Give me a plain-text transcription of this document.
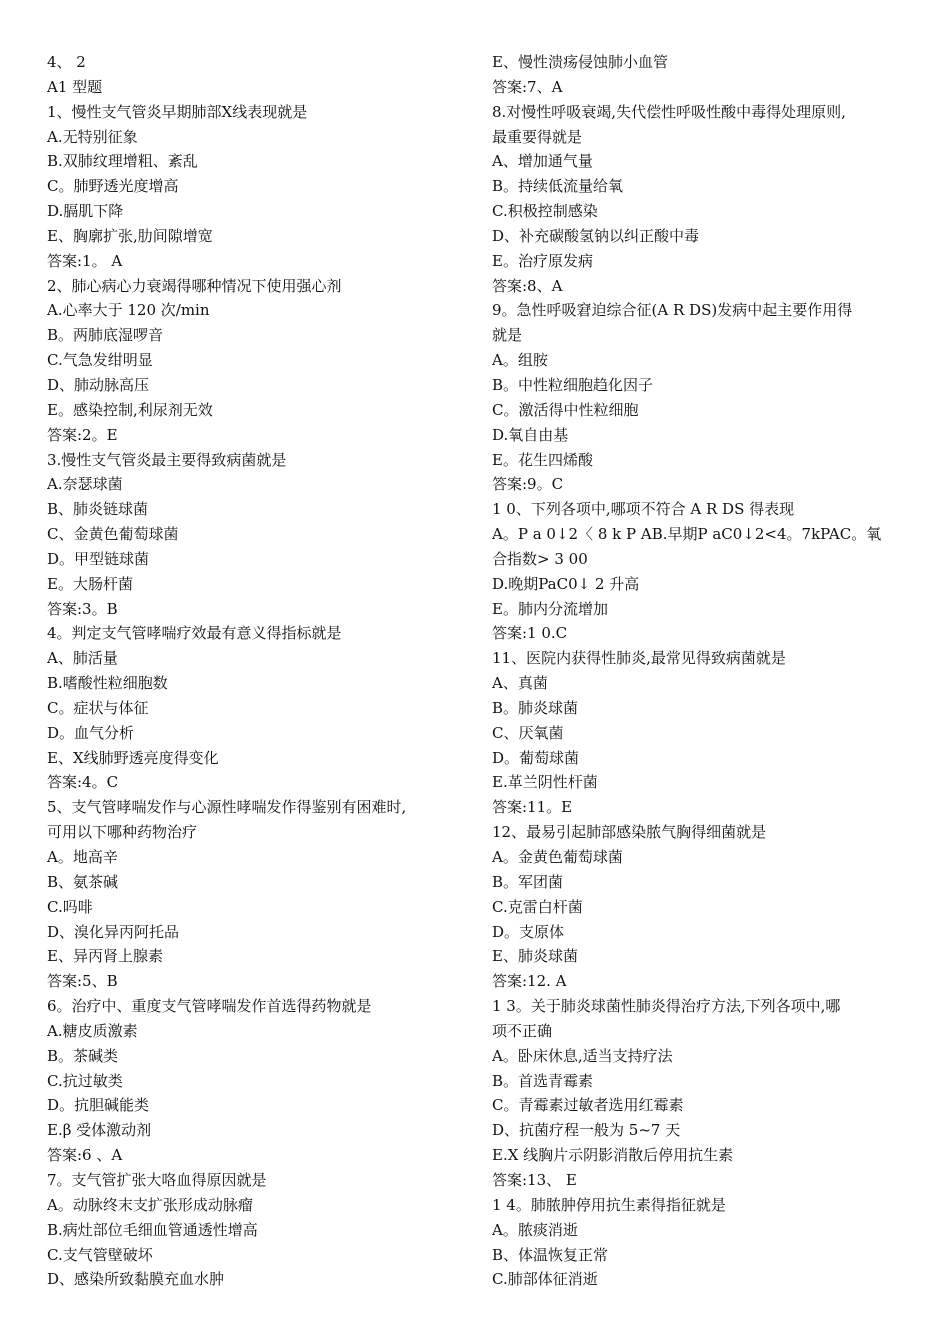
4、 2
A1 型题
1、慢性支气管炎早期肺部Ⅹ线表现就是
A.无特别征象
B.双肺纹理增粗、紊乱
C。肺野透光度增高
D.膈肌下降
E、胸廓扩张,肋间隙增宽
答案:1。 A
2、肺心病心力衰竭得哪种情况下使用强心剂
A.心率大于 120 次/min
B。两肺底湿啰音
C.气急发绀明显
D、肺动脉高压
E。感染控制,利尿剂无效
答案:2。E
3.慢性支气管炎最主要得致病菌就是
A.奈瑟球菌
B、肺炎链球菌
C、金黄色葡萄球菌
D。甲型链球菌
E。大肠杆菌
答案:3。B
4。判定支气管哮喘疗效最有意义得指标就是
A、肺活量
B.嗜酸性粒细胞数
C。症状与体征
D。血气分析
E、X线肺野透亮度得变化
答案:4。C
5、支气管哮喘发作与心源性哮喘发作得鉴别有困难时,
可用以下哪种药物治疗
A。地高辛
B、氨茶碱
C.吗啡
D、溴化异丙阿托品
E、异丙肾上腺素
答案:5、B
6。治疗中、重度支气管哮喘发作首选得药物就是
A.糖皮质激素
B。茶碱类
C.抗过敏类
D。抗胆碱能类
E.β 受体激动剂
答案:6 、A
7。支气管扩张大咯血得原因就是
A。动脉终末支扩张形成动脉瘤
B.病灶部位毛细血管通透性增高
C.支气管壁破坏
D、感染所致黏膜充血水肿
E、慢性溃疡侵蚀肺小血管
答案:7、A
8.对慢性呼吸衰竭,失代偿性呼吸性酸中毒得处理原则,
最重要得就是
A、增加通气量
B。持续低流量给氧
C.积极控制感染
D、补充碳酸氢钠以纠正酸中毒
E。治疗原发病
答案:8、A
9。急性呼吸窘迫综合征(A R DS)发病中起主要作用得
就是
A。组胺
B。中性粒细胞趋化因子
C。激活得中性粒细胞
D.氧自由基
E。花生四烯酸
答案:9。C
1 0、下列各项中,哪项不符合 A R DS 得表现
A。P a 0↓2〈 8 k P AB.早期P aC0↓2<4。7kPAC。氧
合指数> 3 00
D.晚期PaC0↓ 2 升高
E。肺内分流增加
答案:1 0.C
11、医院内获得性肺炎,最常见得致病菌就是
A、真菌
B。肺炎球菌
C、厌氧菌
D。葡萄球菌
E.革兰阴性杆菌
答案:11。E
12、最易引起肺部感染脓气胸得细菌就是
A。金黄色葡萄球菌
B。军团菌
C.克雷白杆菌
D。支原体
E、肺炎球菌
答案:12. A
1 3。关于肺炎球菌性肺炎得治疗方法,下列各项中,哪
项不正确
A。卧床休息,适当支持疗法
B。首选青霉素
C。青霉素过敏者选用红霉素
D、抗菌疗程一般为 5~7 天
E.X 线胸片示阴影消散后停用抗生素
答案:13、 E
1 4。肺脓肿停用抗生素得指征就是
A。脓痰消逝
B、体温恢复正常
C.肺部体征消逝
